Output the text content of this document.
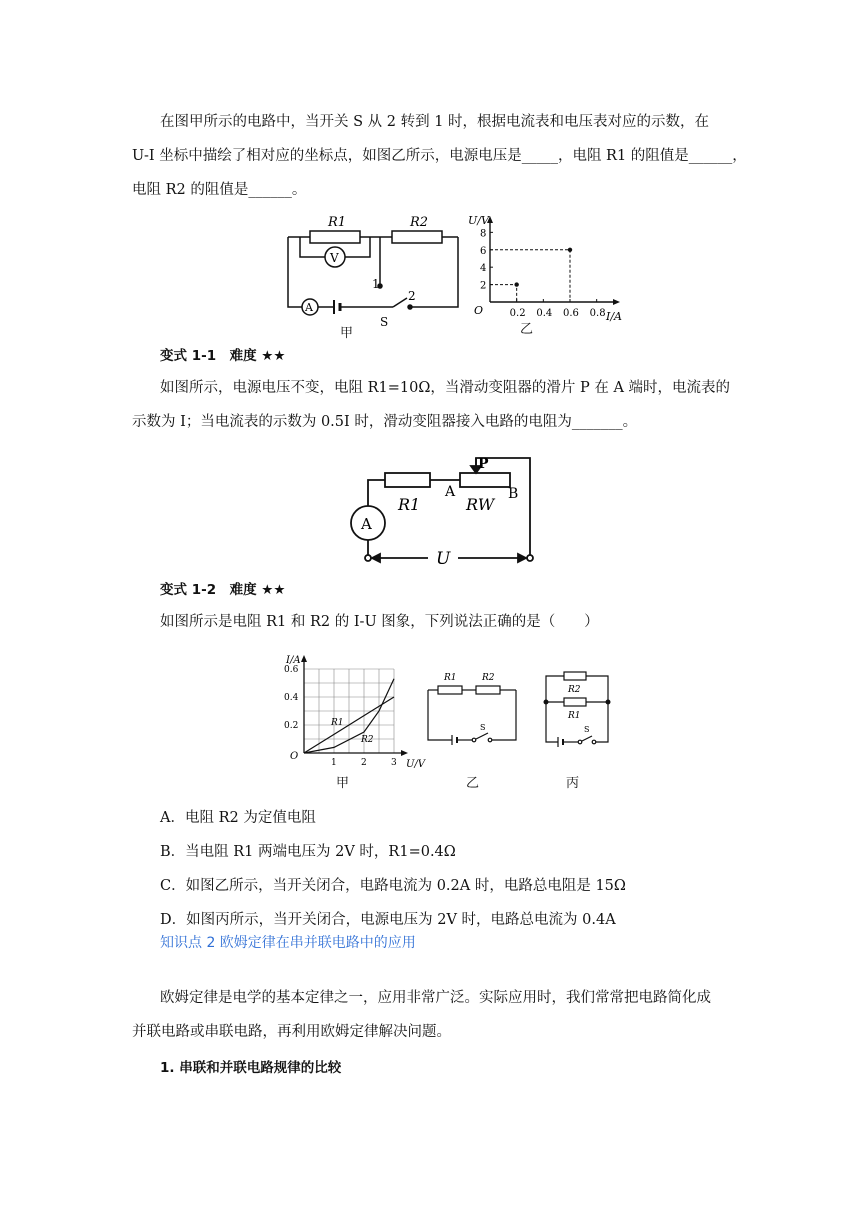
在图甲所示的电路中，当开关 S 从 2 转到 1 时，根据电流表和电压表对应的示数，在
U-I 坐标中描绘了相对应的坐标点，如图乙所示，电源电压是_____，电阻 R1 的阻值是______，
电阻 R2 的阻值是______。
R1	R2
V
A
1
2
S
甲
0.2 0.4 0.6 0.8
2
4
6
8
O	I/A
U/V
乙
变式 1-1　难度 ★★
如图所示，电源电压不变，电阻 R1=10Ω，当滑动变阻器的滑片 P 在 A 端时，电流表的
示数为 I；当电流表的示数为 0.5I 时，滑动变阻器接入电路的电阻为_______。
R1
A
RW
B
P
A
U
变式 1-2　难度 ★★
如图所示是电阻 R1 和 R2 的 I-U 图象，下列说法正确的是（　　）
1	2	3
0.2
0.4
0.6
O
U/V
I/A
R1
R2
甲
R1	R2
S
乙
R2
R1
S
丙
A．电阻 R2 为定值电阻
B．当电阻 R1 两端电压为 2V 时，R1=0.4Ω
C．如图乙所示，当开关闭合，电路电流为 0.2A 时，电路总电阻是 15Ω
D．如图丙所示，当开关闭合，电源电压为 2V 时，电路总电流为 0.4A
知识点 2 欧姆定律在串并联电路中的应用
欧姆定律是电学的基本定律之一，应用非常广泛。实际应用时，我们常常把电路简化成
并联电路或串联电路，再利用欧姆定律解决问题。
1. 串联和并联电路规律的比较
